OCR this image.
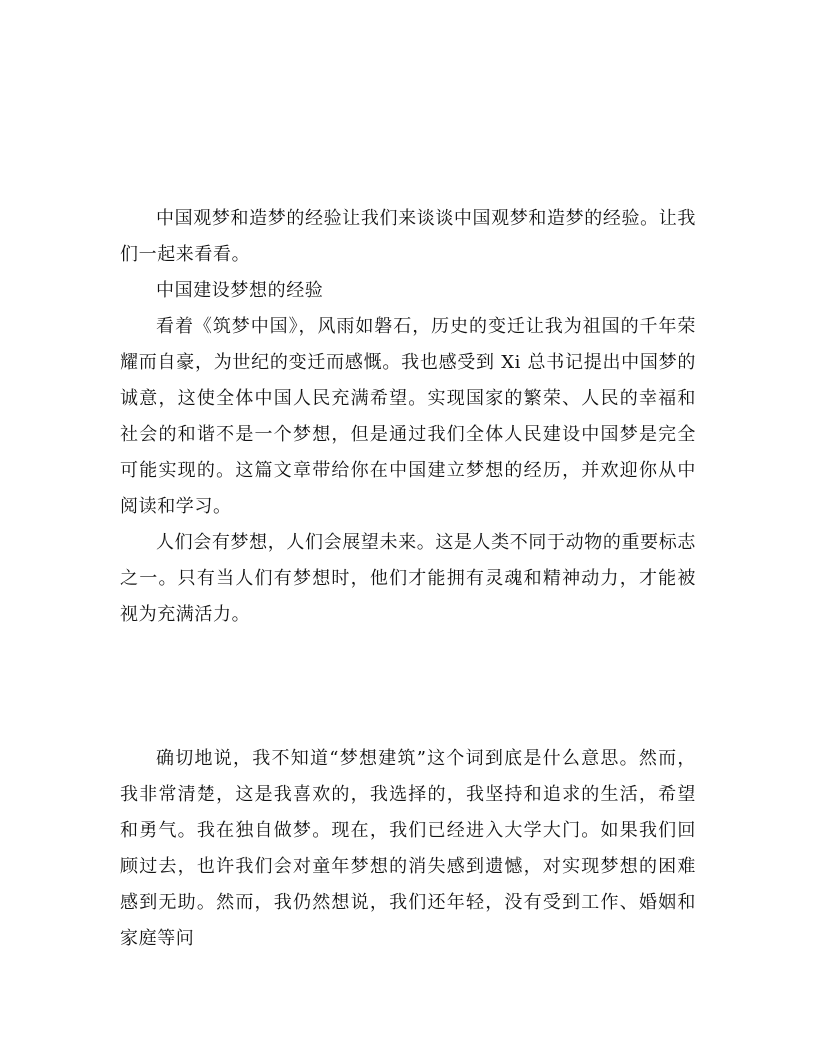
中国观梦和造梦的经验让我们来谈谈中国观梦和造梦的经验。让我们一起来看看。

中国建设梦想的经验

看着《筑梦中国》，风雨如磐石，历史的变迁让我为祖国的千年荣耀而自豪，为世纪的变迁而感慨。我也感受到 Xi 总书记提出中国梦的诚意，这使全体中国人民充满希望。实现国家的繁荣、人民的幸福和社会的和谐不是一个梦想，但是通过我们全体人民建设中国梦是完全可能实现的。这篇文章带给你在中国建立梦想的经历，并欢迎你从中阅读和学习。

人们会有梦想，人们会展望未来。这是人类不同于动物的重要标志之一。只有当人们有梦想时，他们才能拥有灵魂和精神动力，才能被视为充满活力。

确切地说，我不知道“梦想建筑”这个词到底是什么意思。然而，我非常清楚，这是我喜欢的，我选择的，我坚持和追求的生活，希望和勇气。我在独自做梦。现在，我们已经进入大学大门。如果我们回顾过去，也许我们会对童年梦想的消失感到遗憾，对实现梦想的困难感到无助。然而，我仍然想说，我们还年轻，没有受到工作、婚姻和家庭等问
